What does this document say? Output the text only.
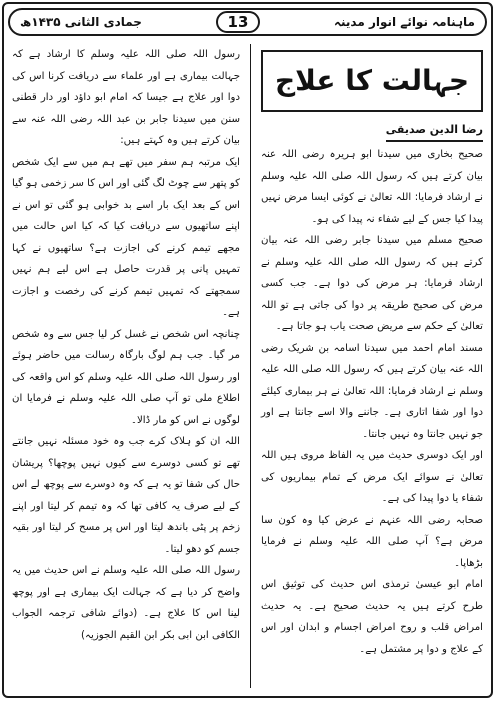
جمادی الثانی ۱۴۳۵ھ	13	ماہنامہ نوائے انوار مدینہ
جہالت کا علاج
رضا الدین صدیقی

صحیح بخاری میں سیدنا ابو ہریرہ رضی اللہ عنہ بیان کرتے ہیں کہ رسول اللہ صلی اللہ علیہ وسلم نے ارشاد فرمایا: اللہ تعالیٰ نے کوئی ایسا مرض نہیں پیدا کیا جس کے لیے شفاء نہ پیدا کی ہو۔

صحیح مسلم میں سیدنا جابر رضی اللہ عنہ بیان کرتے ہیں کہ رسول اللہ صلی اللہ علیہ وسلم نے ارشاد فرمایا: ہر مرض کی دوا ہے۔ جب کسی مرض کی صحیح طریقہ پر دوا کی جاتی ہے تو اللہ تعالیٰ کے حکم سے مریض صحت یاب ہو جاتا ہے۔

مسند امام احمد میں سیدنا اسامہ بن شریک رضی اللہ عنہ بیان کرتے ہیں کہ رسول اللہ صلی اللہ علیہ وسلم نے ارشاد فرمایا: اللہ تعالیٰ نے ہر بیماری کیلئے دوا اور شفا اتاری ہے۔ جاننے والا اسے جانتا ہے اور جو نہیں جانتا وہ نہیں جانتا۔

اور ایک دوسری حدیث میں یہ الفاظ مروی ہیں اللہ تعالیٰ نے سوائے ایک مرض کے تمام بیماریوں کی شفاء یا دوا پیدا کی ہے۔

صحابہ رضی اللہ عنہم نے عرض کیا وہ کون سا مرض ہے؟ آپ صلی اللہ علیہ وسلم نے فرمایا بڑھاپا۔

امام ابو عیسیٰ ترمذی اس حدیث کی توثیق اس طرح کرتے ہیں یہ حدیث صحیح ہے۔ یہ حدیث امراض قلب و روح امراض اجسام و ابدان اور اس کے علاج و دوا پر مشتمل ہے۔

رسول اللہ صلی اللہ علیہ وسلم کا ارشاد ہے کہ جہالت بیماری ہے اور علماء سے دریافت کرنا اس کی دوا اور علاج ہے جیسا کہ امام ابو داؤد اور دار قطنی سنن میں سیدنا جابر بن عبد اللہ رضی اللہ عنہ سے بیان کرتے ہیں وہ کہتے ہیں:

ایک مرتبہ ہم سفر میں تھے ہم میں سے ایک شخص کو پتھر سے چوٹ لگ گئی اور اس کا سر زخمی ہو گیا اس کے بعد ایک بار اسے بد خوابی ہو گئی تو اس نے اپنے ساتھیوں سے دریافت کیا کہ کیا اس حالت میں مجھے تیمم کرنے کی اجازت ہے؟ ساتھیوں نے کہا تمہیں پانی پر قدرت حاصل ہے اس لیے ہم نہیں سمجھتے کہ تمہیں تیمم کرنے کی رخصت و اجازت ہے۔

چنانچہ اس شخص نے غسل کر لیا جس سے وہ شخص مر گیا۔ جب ہم لوگ بارگاہ رسالت میں حاضر ہوئے اور رسول اللہ صلی اللہ علیہ وسلم کو اس واقعہ کی اطلاع ملی تو آپ صلی اللہ علیہ وسلم نے فرمایا ان لوگوں نے اس کو مار ڈالا۔

اللہ ان کو ہلاک کرے جب وہ خود مسئلہ نہیں جانتے تھے تو کسی دوسرے سے کیوں نہیں پوچھا؟ پریشان حال کی شفا تو یہ ہے کہ وہ دوسرے سے پوچھ لے اس کے لیے صرف یہ کافی تھا کہ وہ تیمم کر لیتا اور اپنے زخم پر پٹی باندھ لیتا اور اس پر مسح کر لیتا اور بقیہ جسم کو دھو لیتا۔

رسول اللہ صلی اللہ علیہ وسلم نے اس حدیث میں یہ واضح کر دیا ہے کہ جہالت ایک بیماری ہے اور پوچھ لینا اس کا علاج ہے۔ (دوائے شافی ترجمہ الجواب الکافی ابن ابی بکر ابن القیم الجوزیہ)
